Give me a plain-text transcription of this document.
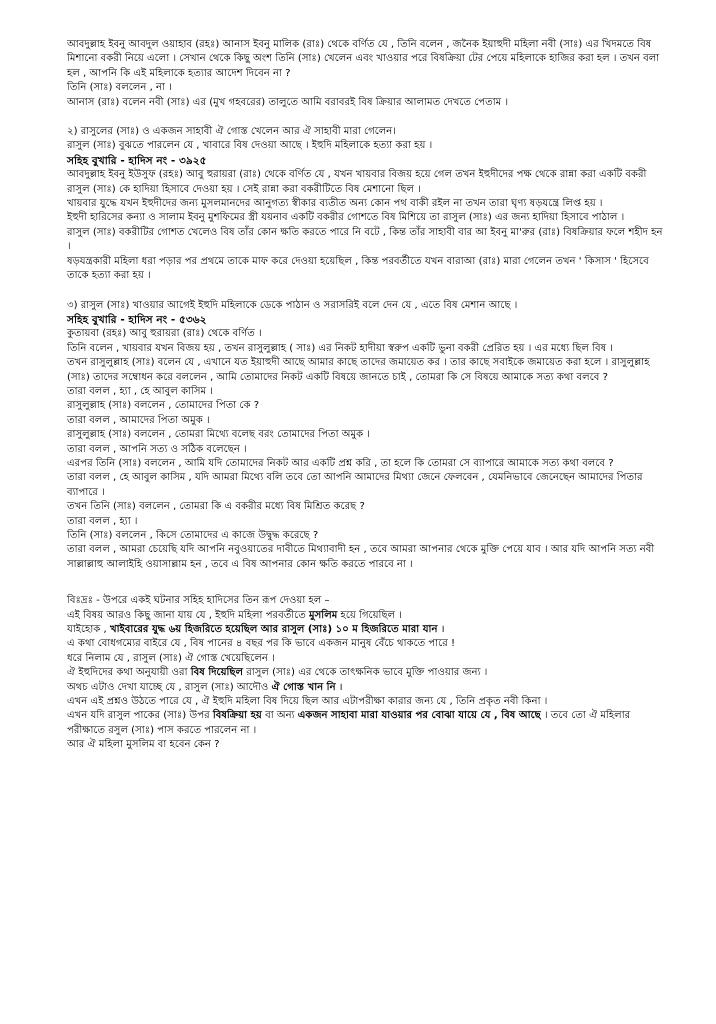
আবদুল্লাহ ইবনু আবদুল ওয়াহাব (রহঃ) আনাস ইবনু মালিক (রাঃ) থেকে বর্ণিত যে , তিনি বলেন , জনৈক ইয়াহুদী মহিলা নবী (সাঃ) এর খিদমতে বিষ মিশানো বকরী নিয়ে এলো । সেখান থেকে কিছু অংশ তিনি (সাঃ) খেলেন এবং খাওয়ার পরে বিষক্রিয়া টের পেয়ে মহিলাকে হাজির করা হল । তখন বলা হল , আপনি কি এই মহিলাকে হত্যার আদেশ দিবেন না ?
তিনি (সাঃ) বললেন , না ।
আনাস (রাঃ) বলেন নবী (সাঃ) এর (মুখ গহবরের) তালুতে আমি বরাবরই বিষ ক্রিয়ার আলামত দেখতে পেতাম ।
২) রাসুলের (সাঃ) ও একজন সাহাবী ঐ গোস্ত খেলেন আর ঐ সাহাবী মারা গেলেন।
রাসুল (সাঃ) বুঝতে পারলেন যে , খাবারে বিষ দেওয়া আছে । ইহুদি মহিলাকে হত্যা করা হয় ।
সহিহ বুখারি - হাদিস নং - ৩৯২৫
আবদুল্লাহ ইবনু ইউসুফ (রহঃ) আবু হুরায়রা (রাঃ) থেকে বর্ণিত যে , যখন খায়বার বিজয় হয়ে গেল তখন ইহুদীদের পক্ষ থেকে রান্না করা একটি বকরী রাসুল (সাঃ) কে হাদিয়া হিসাবে দেওয়া হয় । সেই রান্না করা বকরীটিতে বিষ মেশানো ছিল ।
খায়বার যুদ্ধে যখন ইহুদীদের জন্য মুসলমানদের আনুগত্য স্বীকার ব্যতীত অন্য কোন পথ বাকী রইল না তখন তারা ঘৃণ্য ষড়যন্ত্রে লিপ্ত হয় ।
ইহুদী হারিসের কন্যা ও সালাম ইবনু মুশফিমের স্ত্রী যয়নাব একটি বকরীর গোশতে বিষ মিশিয়ে তা রাসুল (সাঃ) এর জন্য হাদিয়া হিসাবে পাঠাল ।
রাসুল (সাঃ) বকরীটির গোশত খেলেও বিষ তাঁর কোন ক্ষতি করতে পারে নি বটে , কিন্ত তাঁর সাহাবী বার আ ইবনু মা'রুর (রাঃ) বিষক্রিয়ার ফলে শহীদ হন ।
ষড়যন্ত্রকারী মহিলা ধরা পড়ার পর প্রথমে তাকে মাফ করে দেওয়া হয়েছিল , কিন্ত পরবর্তীতে যখন বারাআ (রাঃ) মারা গেলেন তখন ' কিসাস ' হিসেবে তাকে হত্যা করা হয় ।
৩) রাসুল (সাঃ) খাওয়ার আগেই ইহুদি মহিলাকে ডেকে পাঠান ও সরাসরিই বলে দেন যে , এতে বিষ মেশান আছে ।
সহিহ বুখারি - হাদিস নং - ৫৩৬২
কুতায়বা (রহঃ) আবু হুরায়রা (রাঃ) থেকে বর্ণিত ।
তিনি বলেন , খায়বার যখন বিজয় হয় , তখন রাসুলুল্লাহ ( সাঃ) এর নিকট হাদীয়া স্বরুপ একটি ভুনা বকরী প্রেরিত হয় । এর মধ্যে ছিল বিষ ।
তখন রাসুলুল্লাহ (সাঃ) বলেন যে , এখানে যত ইয়াহুদী আছে আমার কাছে তাদের জমায়েত কর । তার কাছে সবাইকে জমায়েত করা হলে । রাসুলুল্লাহ (সাঃ) তাদের সম্বোধন করে বললেন , আমি তোমাদের নিকট একটি বিষয়ে জানতে চাই , তোমরা কি সে বিষয়ে আমাকে সত্য কথা বলবে ?
তারা বলল , হ্যা , হে আবুল কাসিম ।
রাসুলুল্লাহ (সাঃ) বললেন , তোমাদের পিতা কে ?
তারা বলল , আমাদের পিতা অমুক ।
রাসুলুল্লাহ (সাঃ) বললেন , তোমরা মিথ্যে বলেছ বরং তোমাদের পিতা অমুক ।
তারা বলল , আপনি সত্য ও সঠিক বলেছেন ।
এরপর তিনি (সাঃ) বললেন , আমি যদি তোমাদের নিকট আর একটি প্রশ্ন করি , তা হলে কি তোমরা সে ব্যাপারে আমাকে সত্য কথা বলবে ?
তারা বলল , হে আবুল কাসিম , যদি আমরা মিথ্যে বলি তবে তো আপনি আমাদের মিথ্যা জেনে ফেলবেন , যেমনিভাবে জেনেছেন আমাদের পিতার ব্যাপারে ।
তখন তিনি (সাঃ) বললেন , তোমরা কি এ বকরীর মধ্যে বিষ মিশ্রিত করেছ ?
তারা বলল , হ্যা ।
তিনি (সাঃ) বললেন , কিসে তোমাদের এ কাজে উদ্বুদ্ধ করেছে ?
তারা বলল , আমরা চেয়েছি যদি আপনি নবুওয়াতের দাবীতে মিথ্যাবাদী হন , তবে আমরা আপনার থেকে মুক্তি পেয়ে যাব । আর যদি আপনি সত্য নবী সাল্লাল্লাহু আলাইহি ওয়াসাল্লাম হন , তবে এ বিষ আপনার কোন ক্ষতি করতে পারবে না ।
বিঃদ্রঃ - উপরে একই ঘটনার সহিহ হাদিসের তিন রূপ দেওয়া হল –
এই বিষয় আরও কিছু জানা যায় যে , ইহুদি মহিলা পরবর্তীতে মুসলিম হয়ে গিয়েছিল ।
যাইহোক , খাইবারের যুদ্ধ ৬য় হিজরিতে হয়েছিল আর রাসুল (সাঃ) ১০ ম হিজরিতে মারা যান ।
এ কথা বোধগম্যের বাইরে যে , বিষ পানের ৪ বছর পর কি ভাবে একজন মানুষ বেঁচে থাকতে পারে !
ধরে নিলাম যে , রাসুল (সাঃ) ঐ গোস্ত খেয়েছিলেন ।
ঐ ইহুদিদের কথা অনুযায়ী ওরা বিষ দিয়েছিল রাসুল (সাঃ) এর থেকে তাৎক্ষনিক ভাবে মুক্তি পাওয়ার জন্য ।
অথচ এটাও দেখা যাচ্ছে যে , রাসুল (সাঃ) আদৌও ঐ গোস্ত খান নি ।
এখন এই প্রশ্নও উঠতে পারে যে , ঐ ইহুদি মহিলা বিষ দিয়ে ছিল আর এটাপরীক্ষা কারার জন্য যে , তিনি প্রকৃত নবী কিনা ।
এখন যদি রাসুল পাকের (সাঃ) উপর বিষক্রিয়া হয় বা অন্য একজন সাহাবা মারা যাওয়ার পর বোঝা যায়ে যে , বিষ আছে । তবে তো ঐ মহিলার পরীক্ষাতে রসুল (সাঃ) পাস করতে পারলেন না ।
আর ঐ মহিলা মুসলিম বা হবেন কেন ?
